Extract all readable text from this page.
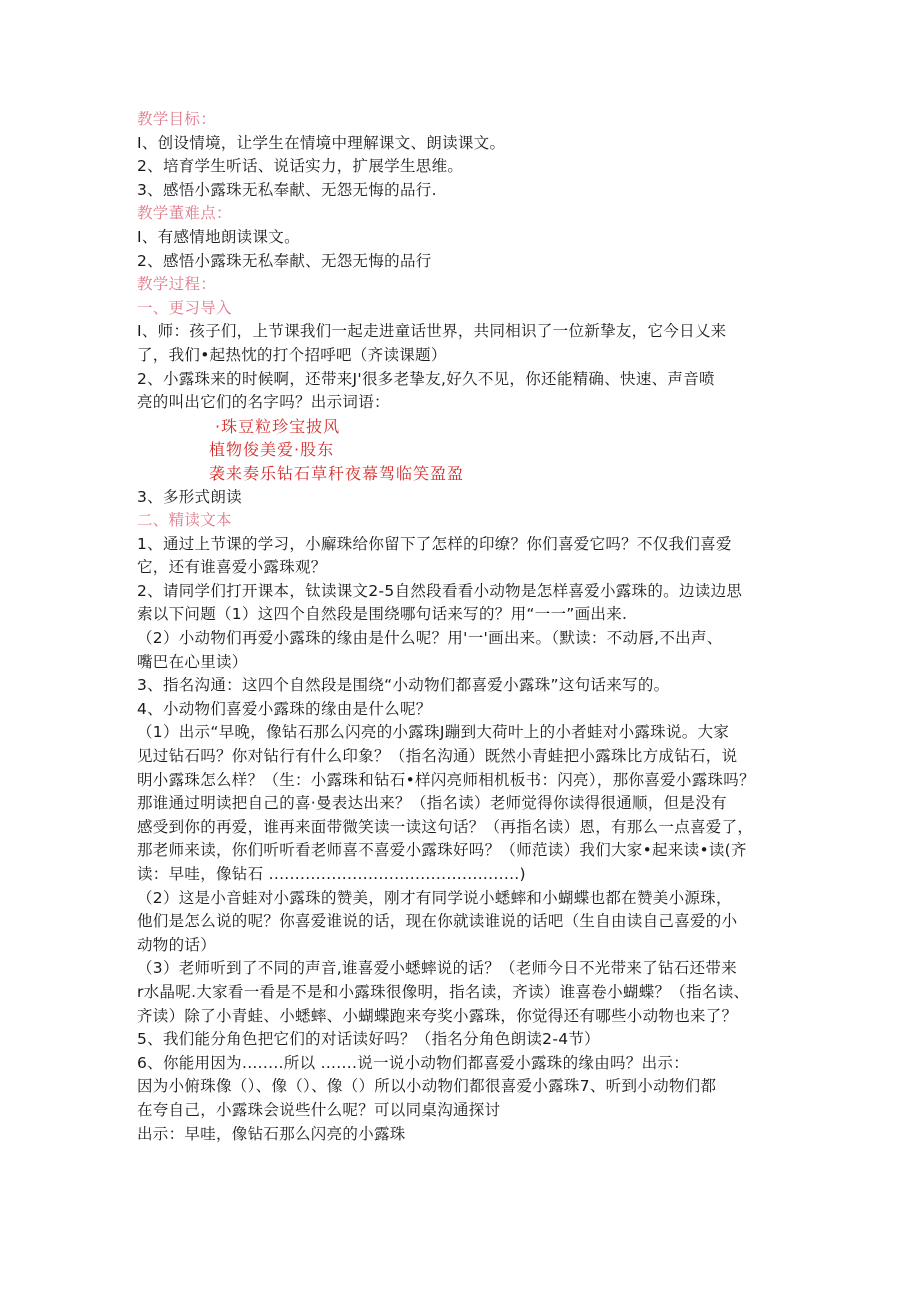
教学目标：
I、创设情境，让学生在情境中理解课文、朗读课文。
2、培育学生听话、说话实力，扩展学生思维。
3、感悟小露珠无私奉献、无怨无悔的品行.
教学董难点：
I、有感情地朗读课文。
2、感悟小露珠无私奉献、无怨无悔的品行
教学过程：
一、更习导入
I、师：孩子们，上节课我们一起走进童话世界，共同相识了一位新挚友，它今日乂来
了，我们•起热忱的打个招呼吧（齐读课题）
2、小露珠来的时候啊，还带来J'很多老挚友,好久不见，你还能精确、快速、声音喷
亮的叫出它们的名字吗？出示词语：
·珠豆粒珍宝披风
植物俊美爱·股东
袭来奏乐钻石草秆夜幕驾临笑盈盈
3、多形式朗读
二、精读文本
1、通过上节课的学习，小廨珠给你留下了怎样的印缭？你们喜爱它吗？不仅我们喜爱
它，还有谁喜爱小露珠观？
2、请同学们打开课本，钛读课文2-5自然段看看小动物是怎样喜爱小露珠的。边读边思
索以下问题（1）这四个自然段是围绕哪句话来写的？用“一一”画出来.
（2）小动物们再爱小露珠的缘由是什么呢？用'一'画出来。（默读：不动唇,不出声、
嘴巴在心里读）
3、指名沟通：这四个自然段是围绕“小动物们都喜爱小露珠”这句话来写的。
4、小动物们喜爱小露珠的缘由是什么呢？
（1）出示“早晚，像钻石那么闪亮的小露珠J蹦到大荷叶上的小者蛙对小露珠说。大家
见过钻石吗？你对钻行有什么印象？（指名沟通）既然小青蛙把小露珠比方成钻石，说
明小露珠怎么样？（生：小露珠和钻石•样闪亮师相机板书：闪亮），那你喜爱小露珠吗？
那谁通过明读把自己的喜·曼表达出来？（指名读）老师觉得你读得很通顺，但是没有
感受到你的再爱，谁再来面带微笑读一读这句话？（再指名读）恩，有那么一点喜爱了，
那老师来读，你们听听看老师喜不喜爱小露珠好吗？（师范读）我们大家•起来读•读(齐
读：早哇，像钻石 ................................................)
（2）这是小音蛙对小露珠的赞美，刚才有同学说小蟋蟀和小蝴蝶也都在赞美小源珠，
他们是怎么说的呢？你喜爱谁说的话，现在你就读谁说的话吧（生自由读自己喜爱的小
动物的话）
（3）老师听到了不同的声音,谁喜爱小蟋蟀说的话？（老师今日不光带来了钻石还带来
r水晶呢.大家看一看是不是和小露珠很像明，指名读，齐读）谁喜卷小蝴蝶？（指名读、
齐读）除了小青蛙、小蟋蟀、小蝴蝶跑来夸奖小露珠，你觉得还有哪些小动物也来了？
5、我们能分角色把它们的对话读好吗？（指名分角色朗读2-4节）
6、你能用因为........所以 .......说一说小动物们都喜爱小露珠的缘由吗？出示：
因为小俯珠像（）、像（）、像（）所以小动物们都很喜爱小露珠7、听到小动物们都
在夸自己，小露珠会说些什么呢？可以同桌沟通探讨
出示：早哇，像钻石那么闪亮的小露珠
